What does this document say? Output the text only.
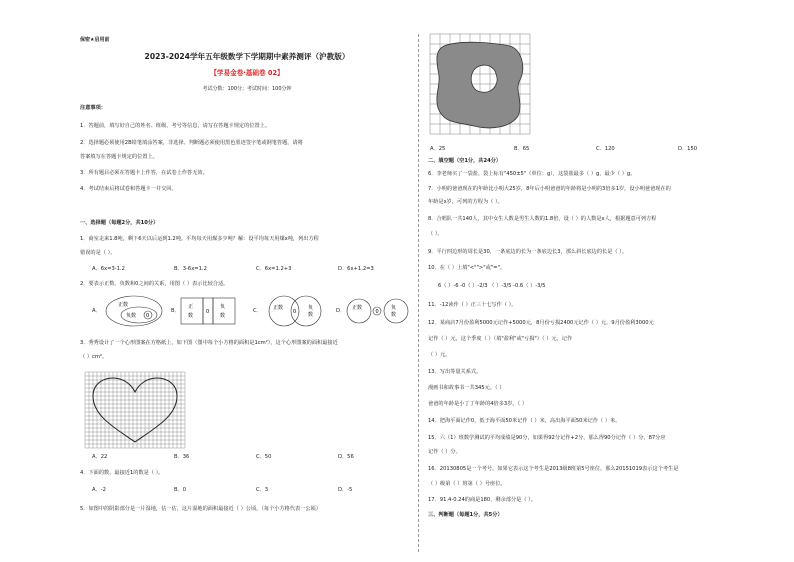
保密★启用前
2023-2024学年五年级数学下学期期中素养测评（沪教版）
【学易金卷·基础卷 02】
考试分数：100分；考试时间：100分钟
注意事项：
1．答题前，填写好自己的姓名、班级、考号等信息，请写在答题卡规定的位置上。
2．选择题必须使用2B铅笔填涂答案，非选择、判断题必须使用黑色墨迹签字笔或钢笔答题，请将
答案填写在答题卡规定的位置上。
3．所有题目必须在答题卡上作答，在试卷上作答无效。
4．考试结束后将试卷和答题卡一并交回。
一、选择题（每题2分，共10分）
1．商室走来1.8吨，剩下6天以后运到1.2吨。平均每天用煤多少吨？解：设平均每天用煤x吨，列出方程
错误的是（ ）。
A．6x=3-1.2	B．3-6x=1.2	C．6x=1.2+3	D．6x+1.2=3
2．要表示正数、负数和0之间的关系，用图（ ）表示比较合适。
A．	B．	C．	D．
正数
负数 0
正
数
0
负
数
正数
0
负
数
正数
0
负
数
3．秀秀设计了一个心形图案在方格纸上，如下图（图中每个小方格的面积是1cm²），这个心形图案的面积最接近
（ ）cm²。
A．22	B．36	C．50	D．56
4．下面的数，最接近1的数是（ ）。
A．-2	B．0	C．3	D．-5
5．如图中的阴影部分是一片湿地，估一估，这片湿地的面积最接近（ ）公顷。（每个小方格代表一公顷）
A．25	B．65	C．120	D．150
二、填空题（空1分，共24分）
6．李老师买了一袋盐，袋上标有"450±5"（单位：g），这袋盐最多（ ）g，最少（ ）g。
7．小明的爸爸现在的年龄比小明大25岁，8年后小明爸爸的年龄将是小明的3倍多1岁，设小明爸爸现在的
年龄是x岁，可列的方程为（ ）。
8．合唱队一共140人，其中女生人数是男生人数的1.8倍，设（ ）的人数是x人，根据题意可列方程
（ ）。
9．平行四边形的周长是30，一条底边的长为一条底边长3，那么斜长底边的长是（ ）。
10．在（ ）上填"<"">"或"="。
6（ ）-6 -0（ ）-2/3 （ ）-3/5 -0.6（ ）-3/5
11．-12读作（ ）正三十七写作（ ）。
12．某商店7月份盈利5000元记作+5000元，8月份亏损2400元记作（ ）元，9月份盈利3000元
记作（ ）元，这个季度（ ）（填"盈利"或"亏损"）（ ）元，记作
（ ）元。
13．写出等量关系式。
漫画书和故事书一共345元。（ ）
爸爸的年龄是小丁丁年龄的4倍多3岁。（ ）
14．把海平面记作0，低于海平面50米记作（ ）米，高出海平面50米记作（ ）米。
15．六（1）班数学测试的平均成绩是90分，如果得92分记作+2分，那么得90分记作（ ）分，87分应
记作（ ）分。
16．20130805是一个考号，如果它表示这个考生是2013级8班第5号座位，那么20151019表示这个考生是
（ ）级第（ ）班第（ ）号座位。
17．91.4-0.24的商是180，剩余部分是（ ）。
三、判断题（每题1分，共5分）
